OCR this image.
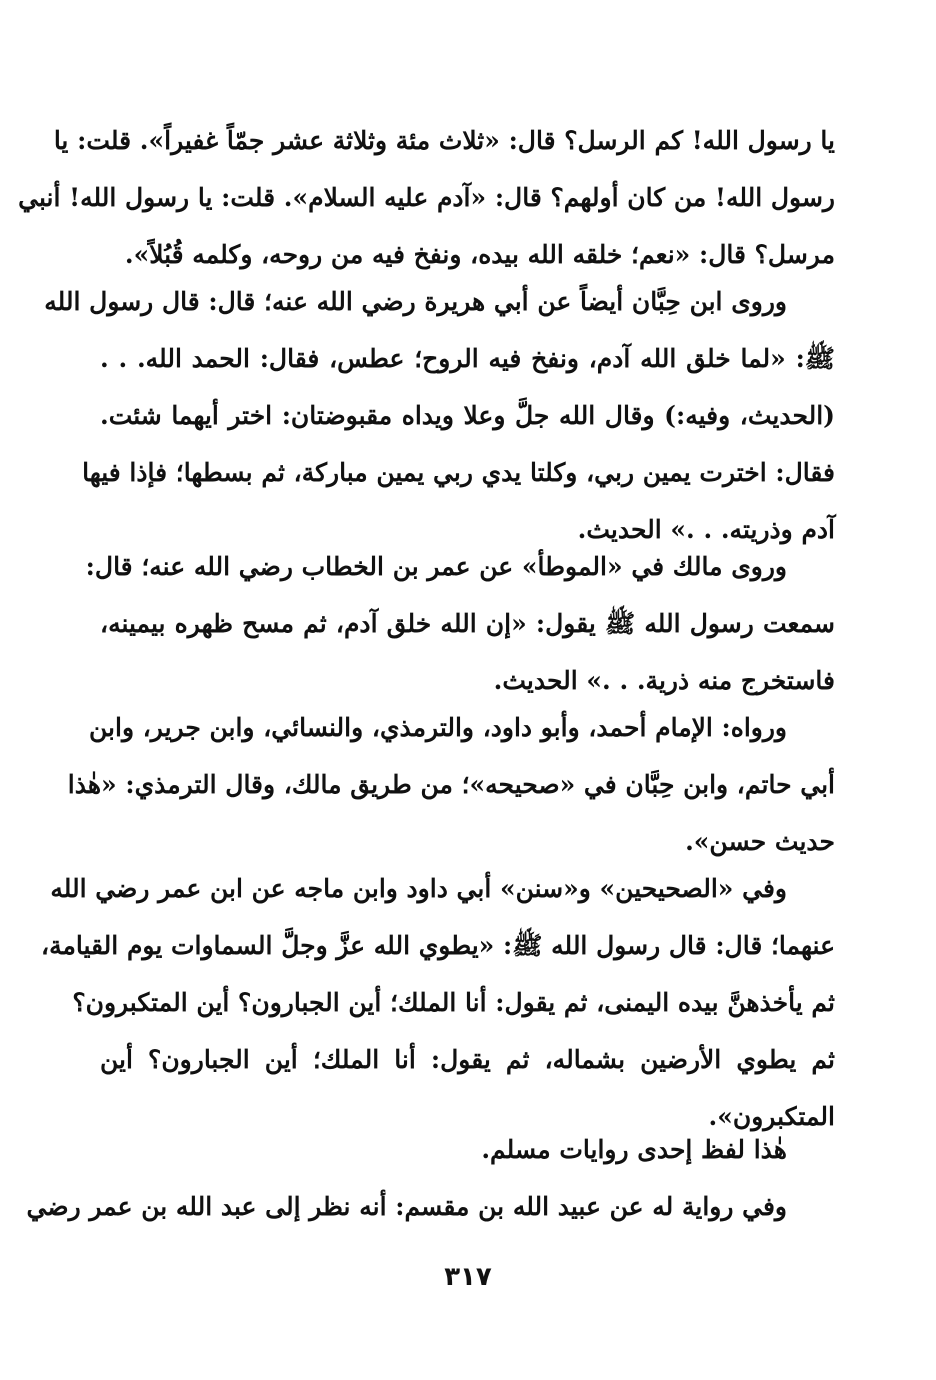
يا رسول الله! كم الرسل؟ قال: «ثلاث مئة وثلاثة عشر جمّاً غفيراً». قلت: يا
رسول الله! من كان أولهم؟ قال: «آدم عليه السلام». قلت: يا رسول الله! أنبي
مرسل؟ قال: «نعم؛ خلقه الله بيده، ونفخ فيه من روحه، وكلمه قُبُلاً».
وروى ابن حِبَّان أيضاً عن أبي هريرة رضي الله عنه؛ قال: قال رسول الله
ﷺ: «لما خلق الله آدم، ونفخ فيه الروح؛ عطس، فقال: الحمد الله. . .
(الحديث، وفيه:) وقال الله جلَّ وعلا ويداه مقبوضتان: اختر أيهما شئت.
فقال: اخترت يمين ربي، وكلتا يدي ربي يمين مباركة، ثم بسطها؛ فإذا فيها
آدم وذريته. . .» الحديث.
وروى مالك في «الموطأ» عن عمر بن الخطاب رضي الله عنه؛ قال:
سمعت رسول الله ﷺ يقول: «إن الله خلق آدم، ثم مسح ظهره بيمينه،
فاستخرج منه ذرية. . .» الحديث.
ورواه: الإمام أحمد، وأبو داود، والترمذي، والنسائي، وابن جرير، وابن
أبي حاتم، وابن حِبَّان في «صحيحه»؛ من طريق مالك، وقال الترمذي: «هٰذا
حديث حسن».
وفي «الصحيحين» و«سنن» أبي داود وابن ماجه عن ابن عمر رضي الله
عنهما؛ قال: قال رسول الله ﷺ: «يطوي الله عزَّ وجلَّ السماوات يوم القيامة،
ثم يأخذهنَّ بيده اليمنى، ثم يقول: أنا الملك؛ أين الجبارون؟ أين المتكبرون؟
ثم يطوي الأرضين بشماله، ثم يقول: أنا الملك؛ أين الجبارون؟ أين
المتكبرون».
هٰذا لفظ إحدى روايات مسلم.
وفي رواية له عن عبيد الله بن مقسم: أنه نظر إلى عبد الله بن عمر رضي
٣١٧
